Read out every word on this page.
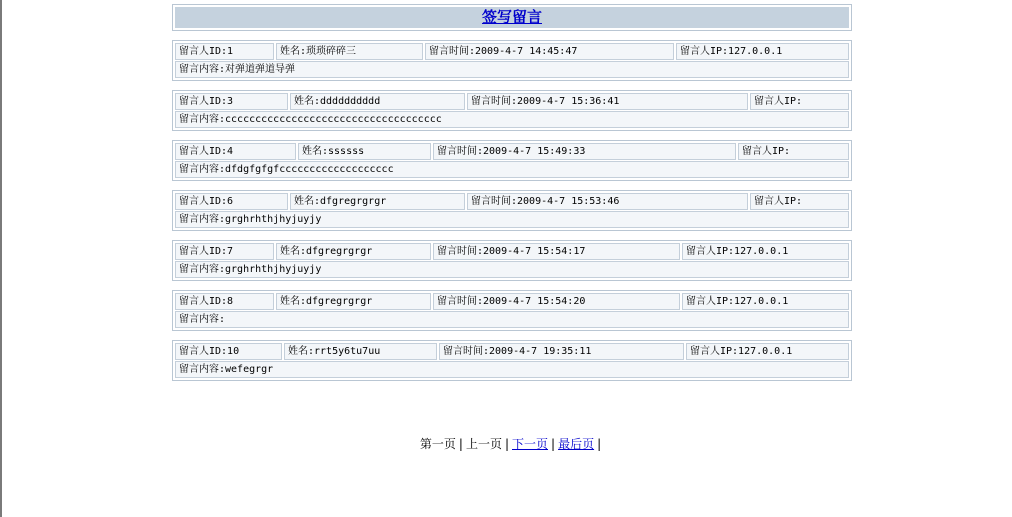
签写留言
留言人ID:1	姓名:琐琐碎碎三	留言时间:2009-4-7 14:45:47	留言人IP:127.0.0.1
留言内容:对弹道弹道导弹
留言人ID:3	姓名:dddddddddd	留言时间:2009-4-7 15:36:41	留言人IP:
留言内容:cccccccccccccccccccccccccccccccccccc
留言人ID:4	姓名:ssssss	留言时间:2009-4-7 15:49:33	留言人IP:
留言内容:dfdgfgfgfccccccccccccccccccc
留言人ID:6	姓名:dfgregrgrgr	留言时间:2009-4-7 15:53:46	留言人IP:
留言内容:grghrhthjhyjuyjy
留言人ID:7	姓名:dfgregrgrgr	留言时间:2009-4-7 15:54:17	留言人IP:127.0.0.1
留言内容:grghrhthjhyjuyjy
留言人ID:8	姓名:dfgregrgrgr	留言时间:2009-4-7 15:54:20	留言人IP:127.0.0.1
留言内容:
留言人ID:10	姓名:rrt5y6tu7uu	留言时间:2009-4-7 19:35:11	留言人IP:127.0.0.1
留言内容:wefegrgr
第一页 | 上一页 | 下一页 | 最后页 |
